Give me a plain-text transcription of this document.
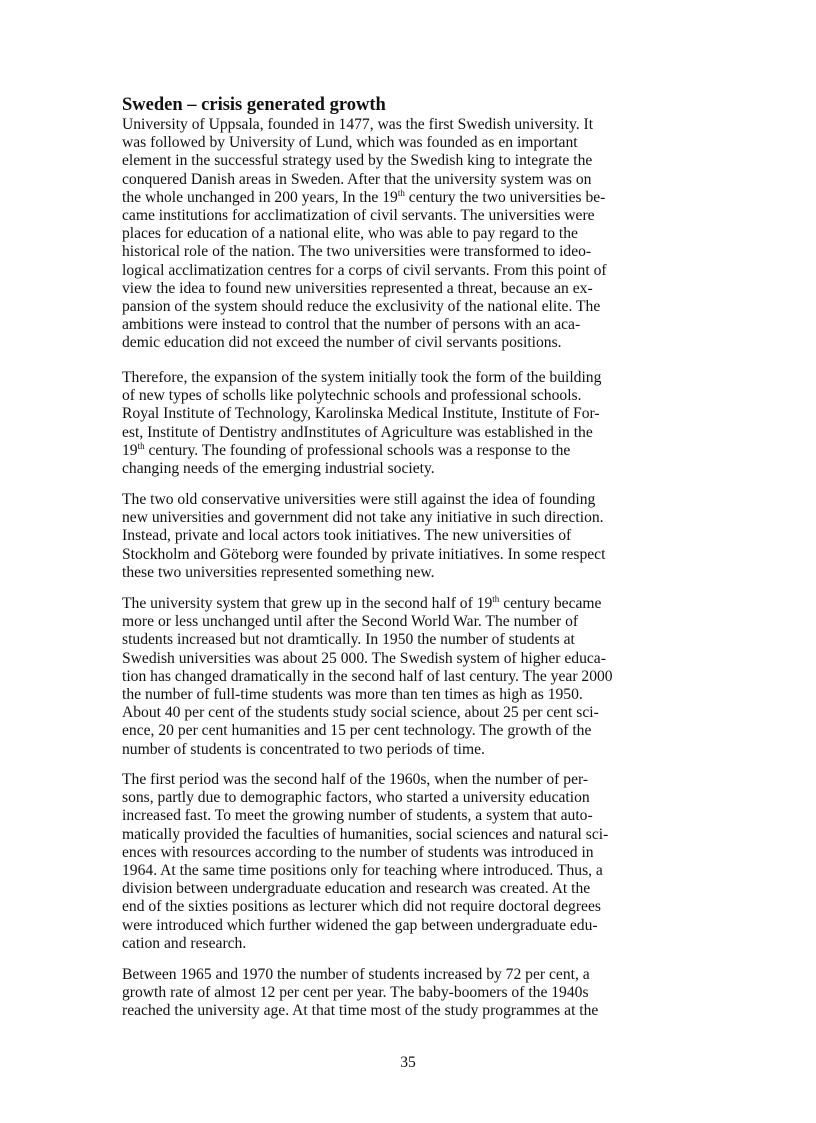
Sweden – crisis generated growth
University of Uppsala, founded in 1477, was the first Swedish university. It
was followed by University of Lund, which was founded as en important
element in the successful strategy used by the Swedish king to integrate the
conquered Danish areas in Sweden. After that the university system was on
the whole unchanged in 200 years, In the 19th century the two universities be-
came institutions for acclimatization of civil servants. The universities were
places for education of a national elite, who was able to pay regard to the
historical role of the nation. The two universities were transformed to ideo-
logical acclimatization centres for a corps of civil servants. From this point of
view the idea to found new universities represented a threat, because an ex-
pansion of the system should reduce the exclusivity of the national elite. The
ambitions were instead to control that the number of persons with an aca-
demic education did not exceed the number of civil servants positions.
Therefore, the expansion of the system initially took the form of the building
of new types of scholls like polytechnic schools and professional schools.
Royal Institute of Technology, Karolinska Medical Institute, Institute of For-
est, Institute of Dentistry andInstitutes of Agriculture was established in the
19th century. The founding of professional schools was a response to the
changing needs of the emerging industrial society.
The two old conservative universities were still against the idea of founding
new universities and government did not take any initiative in such direction.
Instead, private and local actors took initiatives. The new universities of
Stockholm and Göteborg were founded by private initiatives. In some respect
these two universities represented something new.
The university system that grew up in the second half of 19th century became
more or less unchanged until after the Second World War. The number of
students increased but not dramtically. In 1950 the number of students at
Swedish universities was about 25 000. The Swedish system of higher educa-
tion has changed dramatically in the second half of last century. The year 2000
the number of full-time students was more than ten times as high as 1950.
About 40 per cent of the students study social science, about 25 per cent sci-
ence, 20 per cent humanities and 15 per cent technology. The growth of the
number of students is concentrated to two periods of time.
The first period was the second half of the 1960s, when the number of per-
sons, partly due to demographic factors, who started a university education
increased fast. To meet the growing number of students, a system that auto-
matically provided the faculties of humanities, social sciences and natural sci-
ences with resources according to the number of students was introduced in
1964. At the same time positions only for teaching where introduced. Thus, a
division between undergraduate education and research was created. At the
end of the sixties positions as lecturer which did not require doctoral degrees
were introduced which further widened the gap between undergraduate edu-
cation and research.
Between 1965 and 1970 the number of students increased by 72 per cent, a
growth rate of almost 12 per cent per year. The baby-boomers of the 1940s
reached the university age. At that time most of the study programmes at the
35
